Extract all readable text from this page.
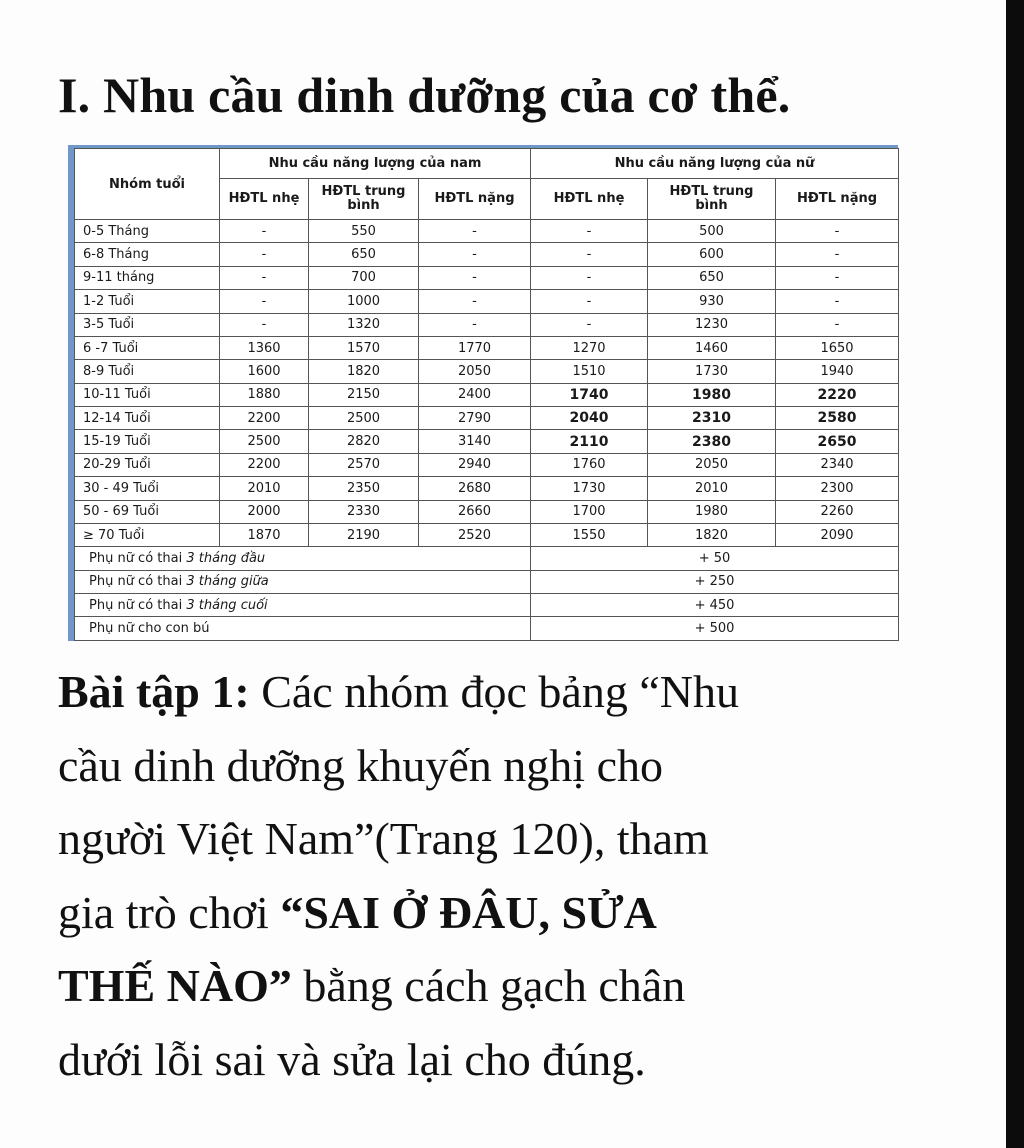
I. Nhu cầu dinh dưỡng của cơ thể.
Nhóm tuổi	Nhu cầu năng lượng của nam			Nhu cầu năng lượng của nữ		
	HĐTL nhẹ	HĐTL trung bình	HĐTL nặng	HĐTL nhẹ	HĐTL trung bình	HĐTL nặng
0-5 Tháng	-	550	-	-	500	-
6-8 Tháng	-	650	-	-	600	-
9-11 tháng	-	700	-	-	650	-
1-2 Tuổi	-	1000	-	-	930	-
3-5 Tuổi	-	1320	-	-	1230	-
6 -7 Tuổi	1360	1570	1770	1270	1460	1650
8-9 Tuổi	1600	1820	2050	1510	1730	1940
10-11 Tuổi	1880	2150	2400	1740	1980	2220
12-14 Tuổi	2200	2500	2790	2040	2310	2580
15-19 Tuổi	2500	2820	3140	2110	2380	2650
20-29 Tuổi	2200	2570	2940	1760	2050	2340
30 - 49 Tuổi	2010	2350	2680	1730	2010	2300
50 - 69 Tuổi	2000	2330	2660	1700	1980	2260
≥ 70 Tuổi	1870	2190	2520	1550	1820	2090
Phụ nữ có thai 3 tháng đầu				+ 50		
Phụ nữ có thai 3 tháng giữa				+ 250		
Phụ nữ có thai 3 tháng cuối				+ 450		
Phụ nữ cho con bú				+ 500		

Bài tập 1: Các nhóm đọc bảng “Nhu

cầu dinh dưỡng khuyến nghị cho

người Việt Nam”(Trang 120), tham

gia trò chơi “SAI Ở ĐÂU, SỬA

THẾ NÀO” bằng cách gạch chân

dưới lỗi sai và sửa lại cho đúng.
